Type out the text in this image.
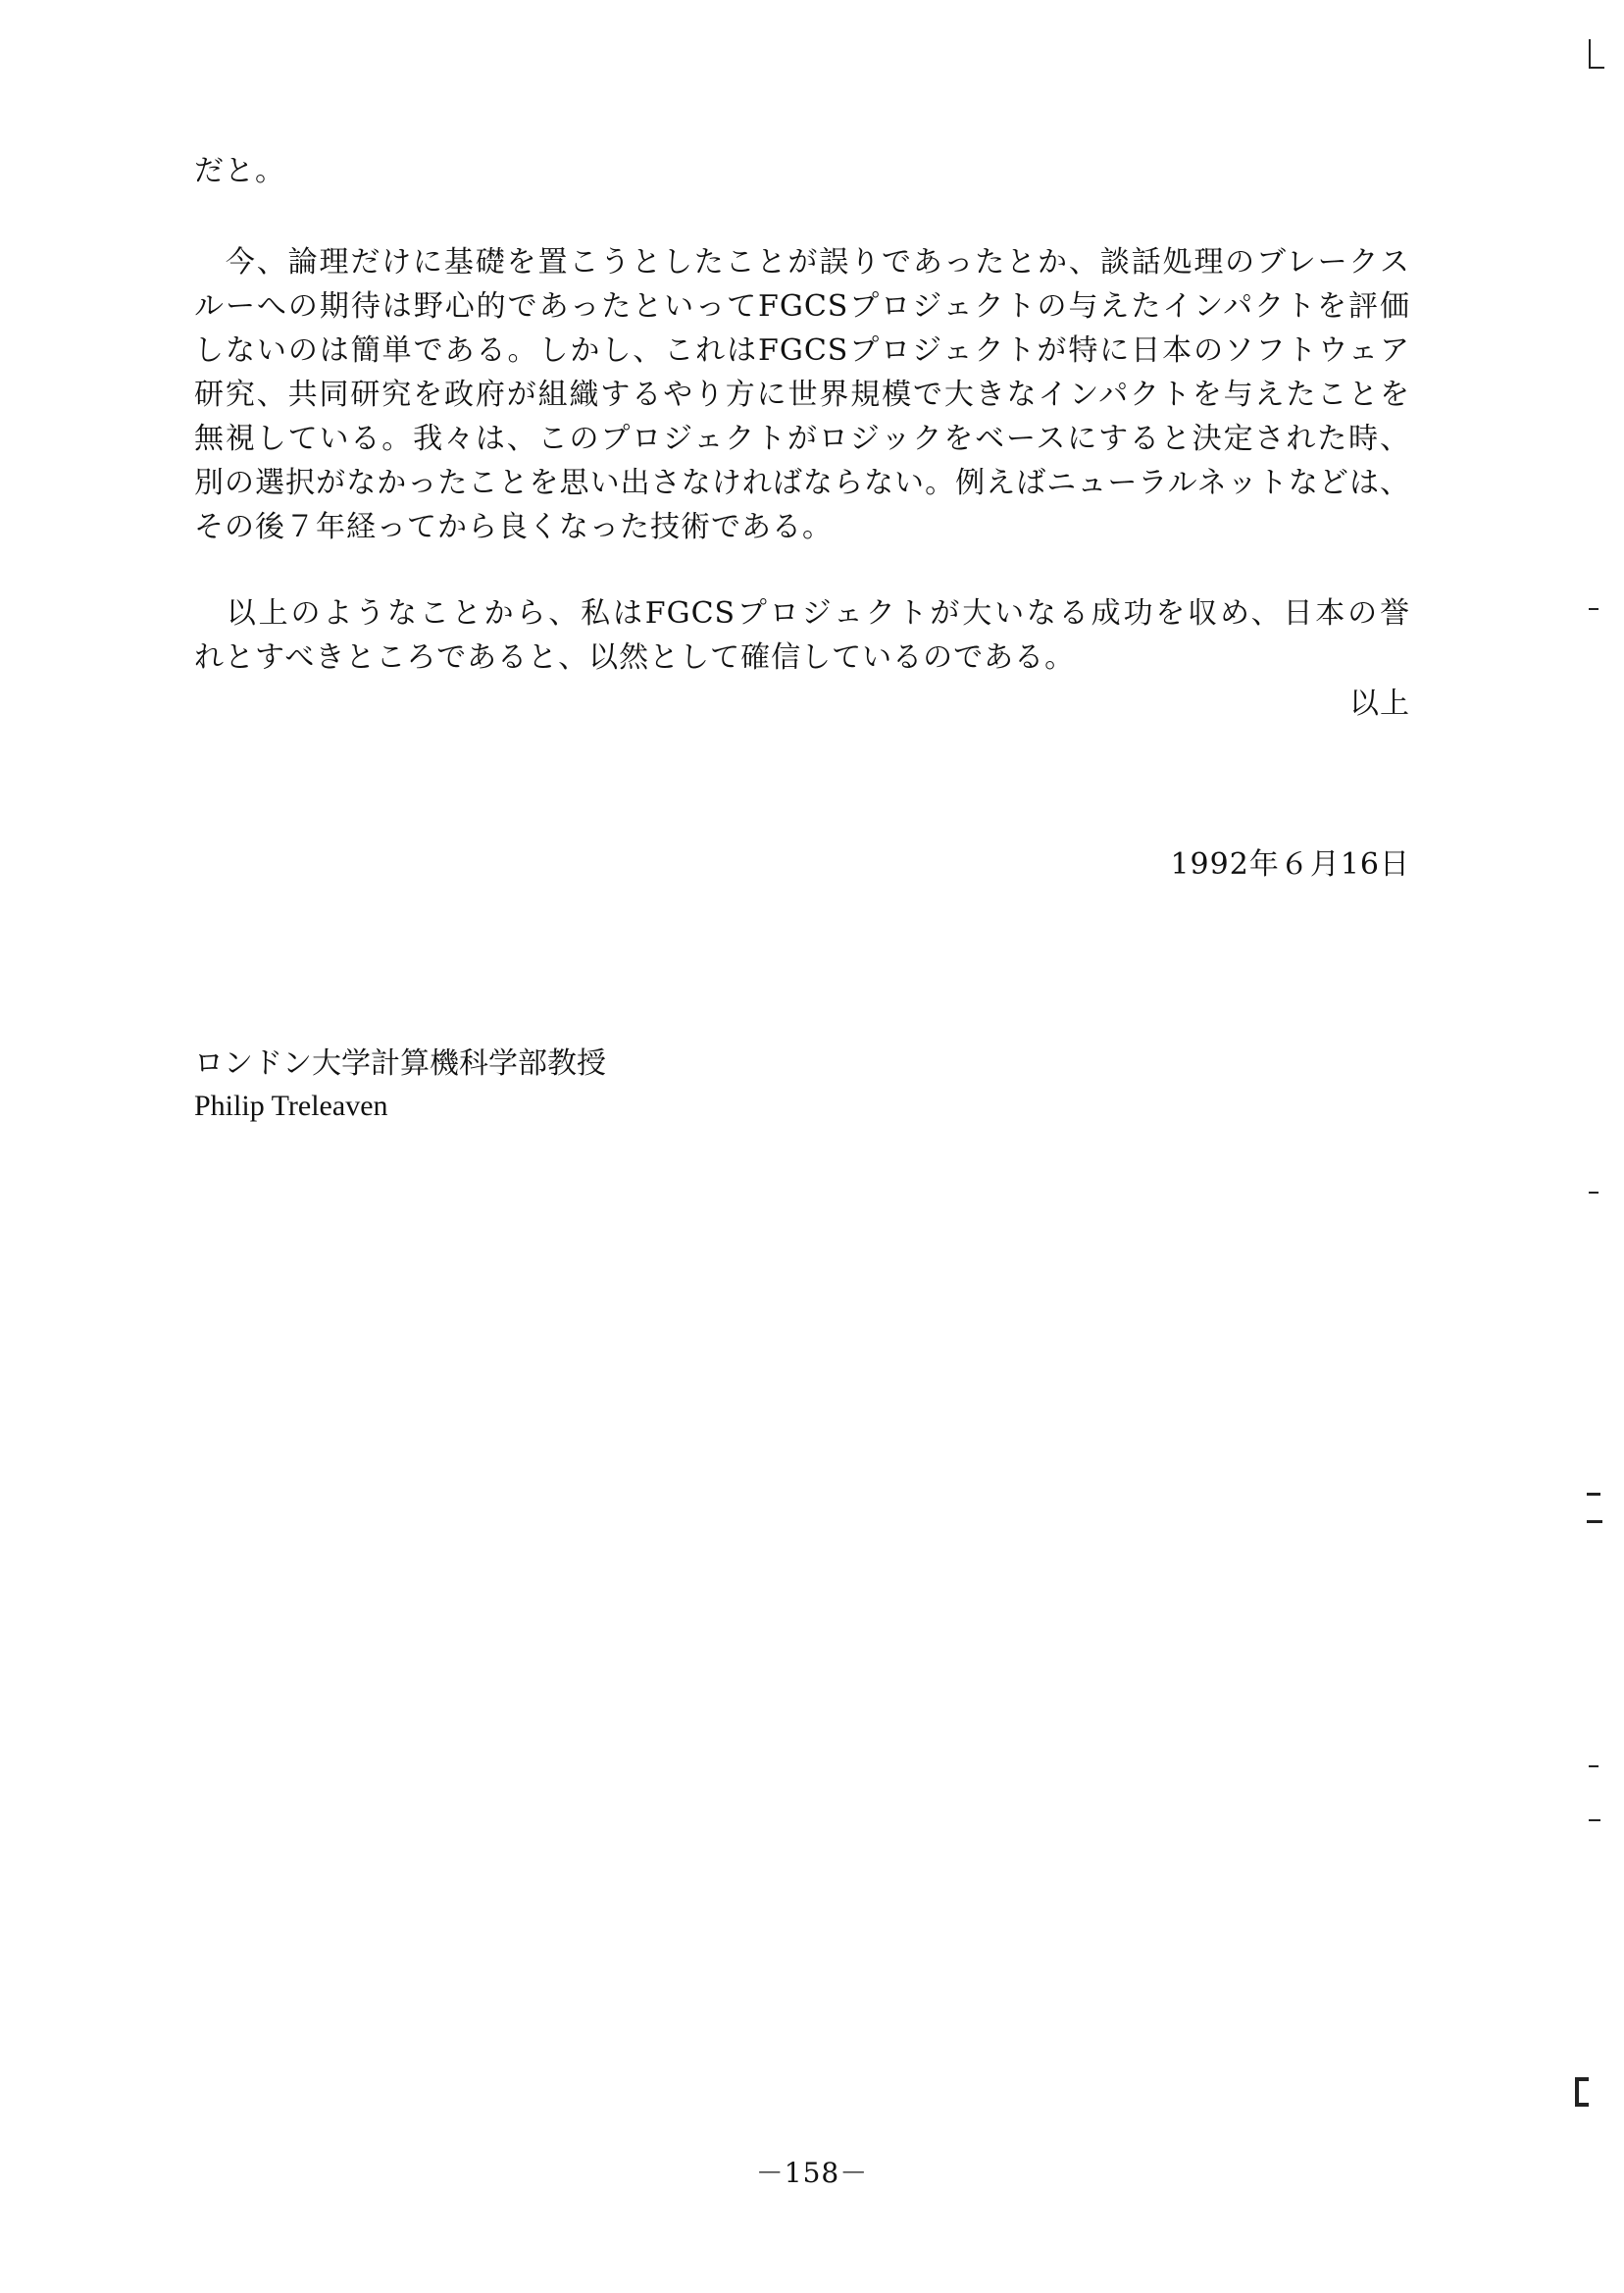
だと。
　今、論理だけに基礎を置こうとしたことが誤りであったとか、談話処理のブレークス
ルーへの期待は野心的であったといってFGCSプロジェクトの与えたインパクトを評価
しないのは簡単である。しかし、これはFGCSプロジェクトが特に日本のソフトウェア
研究、共同研究を政府が組織するやり方に世界規模で大きなインパクトを与えたことを
無視している。我々は、このプロジェクトがロジックをベースにすると決定された時、
別の選択がなかったことを思い出さなければならない。例えばニューラルネットなどは、
その後７年経ってから良くなった技術である。
　以上のようなことから、私はFGCSプロジェクトが大いなる成功を収め、日本の誉
れとすべきところであると、以然として確信しているのである。
以上
1992年６月16日
ロンドン大学計算機科学部教授
Philip Treleaven
－158－
